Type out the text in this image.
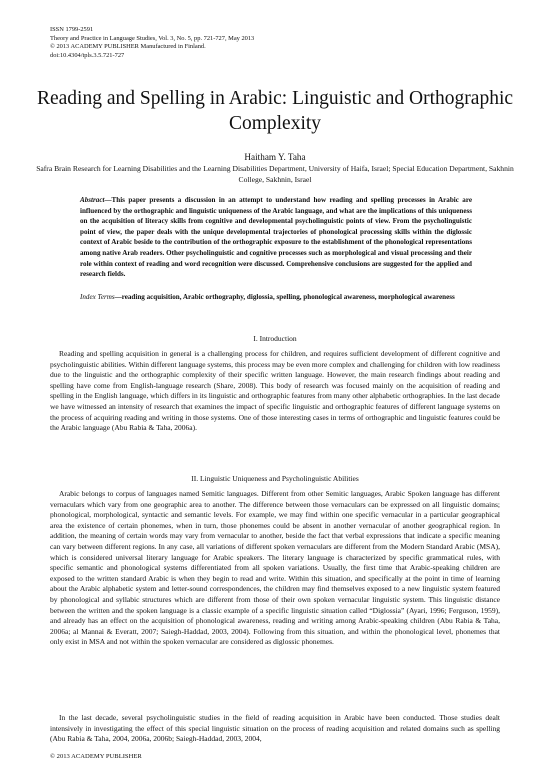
ISSN 1799-2591
Theory and Practice in Language Studies, Vol. 3, No. 5, pp. 721-727, May 2013
© 2013 ACADEMY PUBLISHER Manufactured in Finland.
doi:10.4304/tpls.3.5.721-727
Reading and Spelling in Arabic: Linguistic and Orthographic Complexity
Haitham Y. Taha
Safra Brain Research for Learning Disabilities and the Learning Disabilities Department, University of Haifa, Israel; Special Education Department, Sakhnin College, Sakhnin, Israel
Abstract—This paper presents a discussion in an attempt to understand how reading and spelling processes in Arabic are influenced by the orthographic and linguistic uniqueness of the Arabic language, and what are the implications of this uniqueness on the acquisition of literacy skills from cognitive and developmental psycholinguistic points of view. From the psycholinguistic point of view, the paper deals with the unique developmental trajectories of phonological processing skills within the diglossic context of Arabic beside to the contribution of the orthographic exposure to the establishment of the phonological representations among native Arab readers. Other psycholinguistic and cognitive processes such as morphological and visual processing and their role within context of reading and word recognition were discussed. Comprehensive conclusions are suggested for the applied and research fields.
Index Terms—reading acquisition, Arabic orthography, diglossia, spelling, phonological awareness, morphological awareness
I. Introduction
Reading and spelling acquisition in general is a challenging process for children, and requires sufficient development of different cognitive and psycholinguistic abilities. Within different language systems, this process may be even more complex and challenging for children with low readiness due to the linguistic and the orthographic complexity of their specific written language. However, the main research findings about reading and spelling have come from English-language research (Share, 2008). This body of research was focused mainly on the acquisition of reading and spelling in the English language, which differs in its linguistic and orthographic features from many other alphabetic orthographies. In the last decade we have witnessed an intensity of research that examines the impact of specific linguistic and orthographic features of different language systems on the process of acquiring reading and writing in those systems. One of those interesting cases in terms of orthographic and linguistic features could be the Arabic language (Abu Rabia & Taha, 2006a).
II. Linguistic Uniqueness and Psycholinguistic Abilities
Arabic belongs to corpus of languages named Semitic languages. Different from other Semitic languages, Arabic Spoken language has different vernaculars which vary from one geographic area to another. The difference between those vernaculars can be expressed on all linguistic domains; phonological, morphological, syntactic and semantic levels. For example, we may find within one specific vernacular in a particular geographical area the existence of certain phonemes, when in turn, those phonemes could be absent in another vernacular of another geographical region. In addition, the meaning of certain words may vary from vernacular to another, beside the fact that verbal expressions that indicate a specific meaning can vary between different regions. In any case, all variations of different spoken vernaculars are different from the Modern Standard Arabic (MSA), which is considered universal literary language for Arabic speakers. The literary language is characterized by specific grammatical rules, with specific semantic and phonological systems differentiated from all spoken variations. Usually, the first time that Arabic-speaking children are exposed to the written standard Arabic is when they begin to read and write. Within this situation, and specifically at the point in time of learning about the Arabic alphabetic system and letter-sound correspondences, the children may find themselves exposed to a new linguistic system featured by phonological and syllabic structures which are different from those of their own spoken vernacular linguistic system. This linguistic distance between the written and the spoken language is a classic example of a specific linguistic situation called “Diglossia” (Ayari, 1996; Ferguson, 1959), and already has an effect on the acquisition of phonological awareness, reading and writing among Arabic-speaking children (Abu Rabia & Taha, 2006a; al Mannai & Everatt, 2007; Saiegh-Haddad, 2003, 2004). Following from this situation, and within the phonological level, phonemes that only exist in MSA and not within the spoken vernacular are considered as diglossic phonemes.
In the last decade, several psycholinguistic studies in the field of reading acquisition in Arabic have been conducted. Those studies dealt intensively in investigating the effect of this special linguistic situation on the process of reading acquisition and related domains such as spelling (Abu Rabia & Taha, 2004, 2006a, 2006b; Saiegh-Haddad, 2003, 2004,
© 2013 ACADEMY PUBLISHER
